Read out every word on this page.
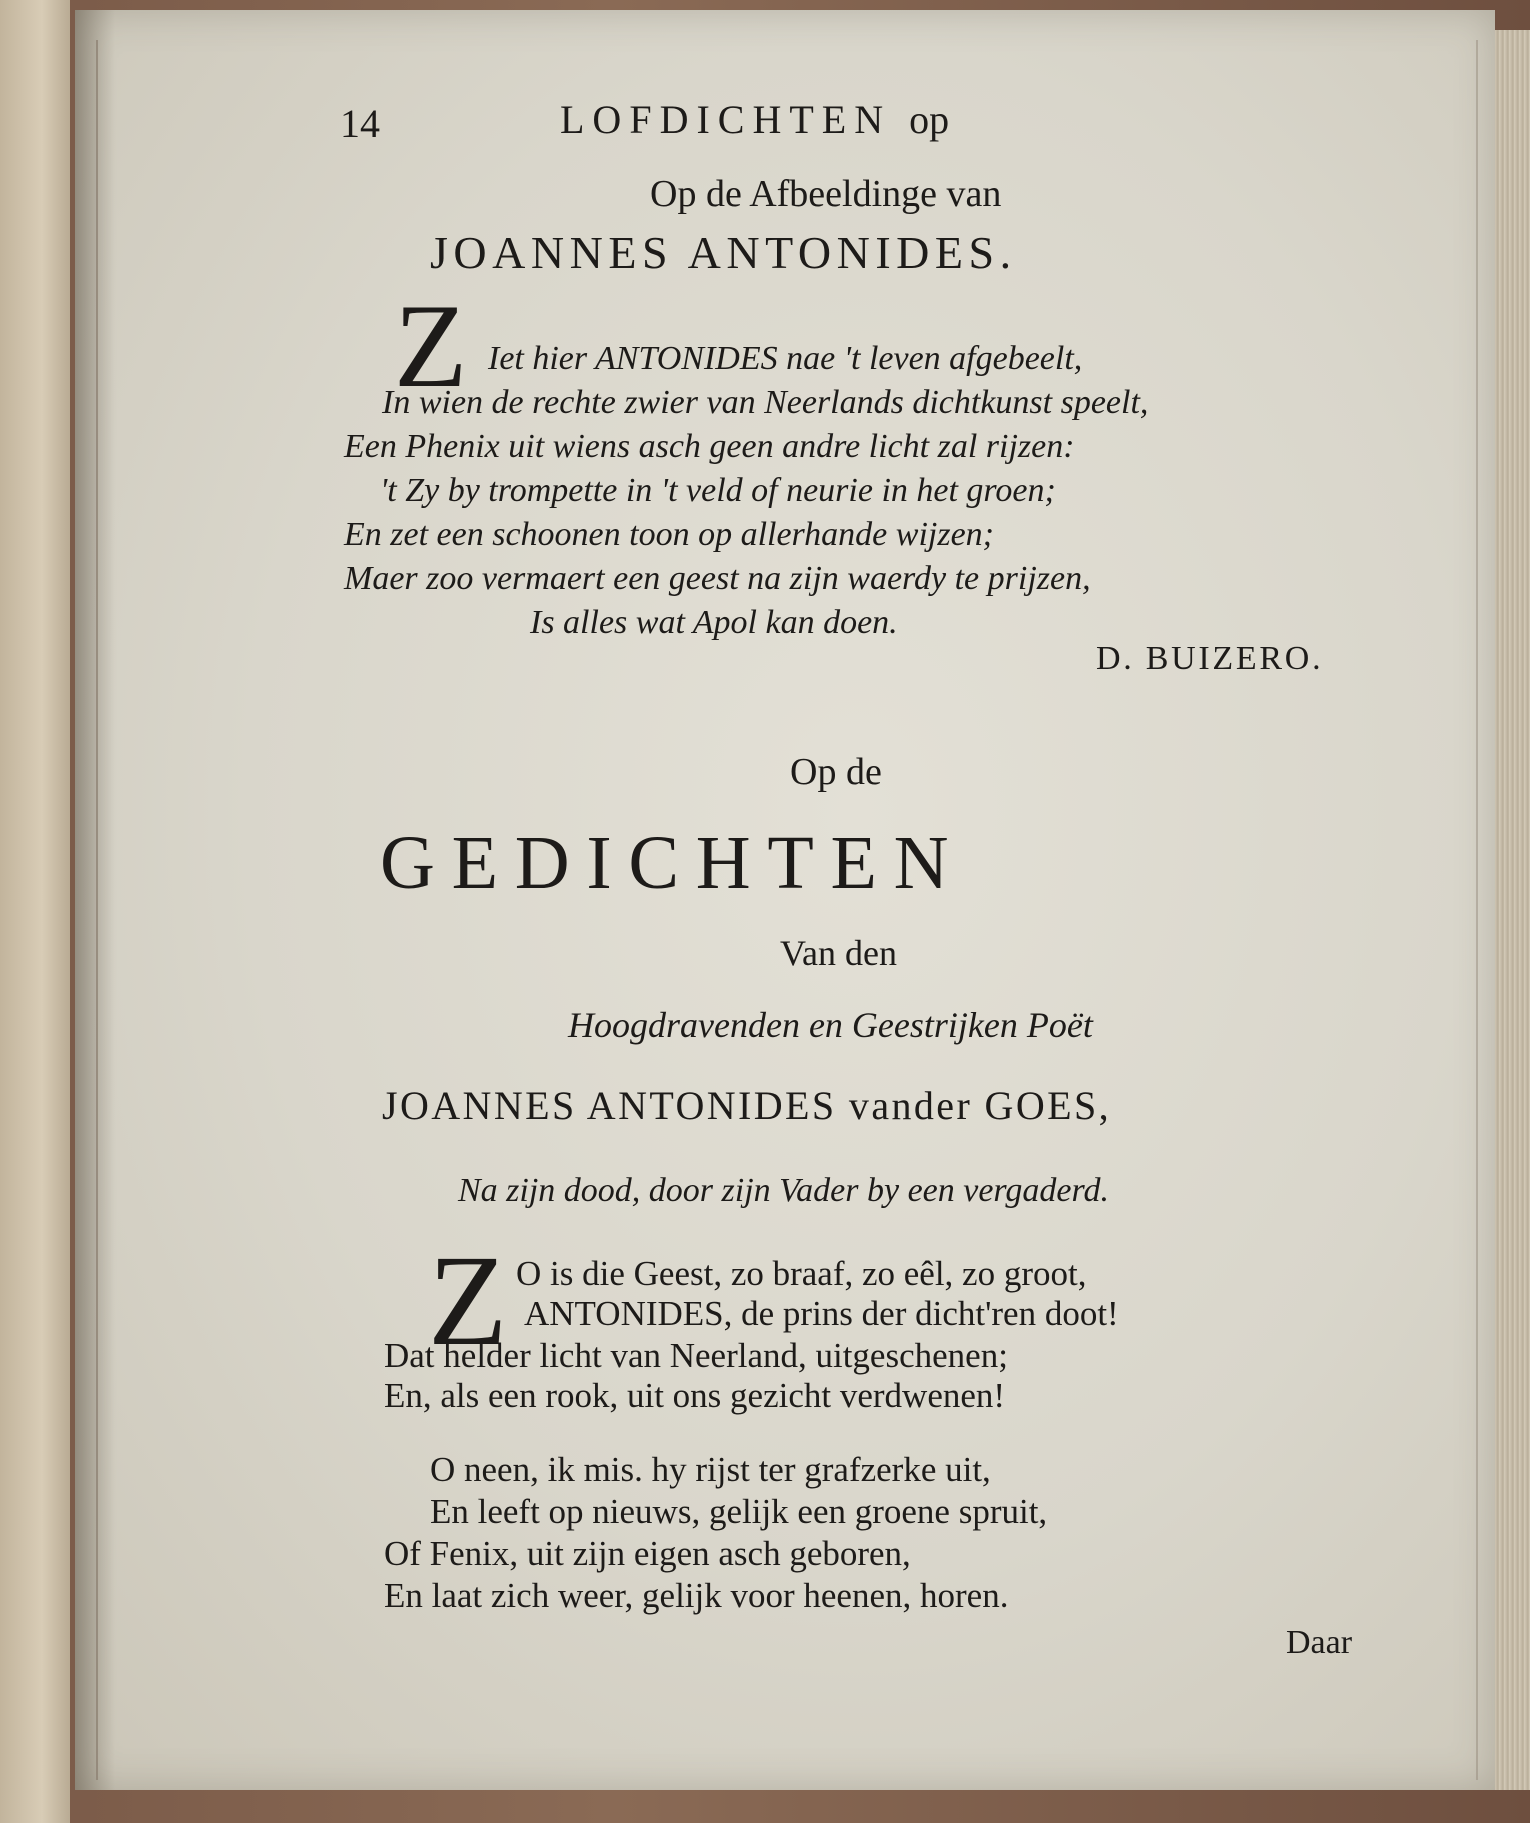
14	LOFDICHTEN op
Op de Afbeeldinge van
JOANNES ANTONIDES.
Z Iet hier ANTONIDES nae 't leven afgebeelt,
In wien de rechte zwier van Neerlands dichtkunst speelt,
Een Phenix uit wiens asch geen andre licht zal rijzen:
't Zy by trompette in 't veld of neurie in het groen;
En zet een schoonen toon op allerhande wijzen;
Maer zoo vermaert een geest na zijn waerdy te prijzen,
Is alles wat Apol kan doen.
D. BUIZERO.
Op de
GEDICHTEN
Van den
Hoogdravenden en Geestrijken Poët
JOANNES ANTONIDES vander GOES,
Na zijn dood, door zijn Vader by een vergaderd.
Z O is die Geest, zo braaf, zo eêl, zo groot,
ANTONIDES, de prins der dicht'ren doot!
Dat helder licht van Neerland, uitgeschenen;
En, als een rook, uit ons gezicht verdwenen!
O neen, ik mis. hy rijst ter grafzerke uit,
En leeft op nieuws, gelijk een groene spruit,
Of Fenix, uit zijn eigen asch geboren,
En laat zich weer, gelijk voor heenen, horen.
Daar
